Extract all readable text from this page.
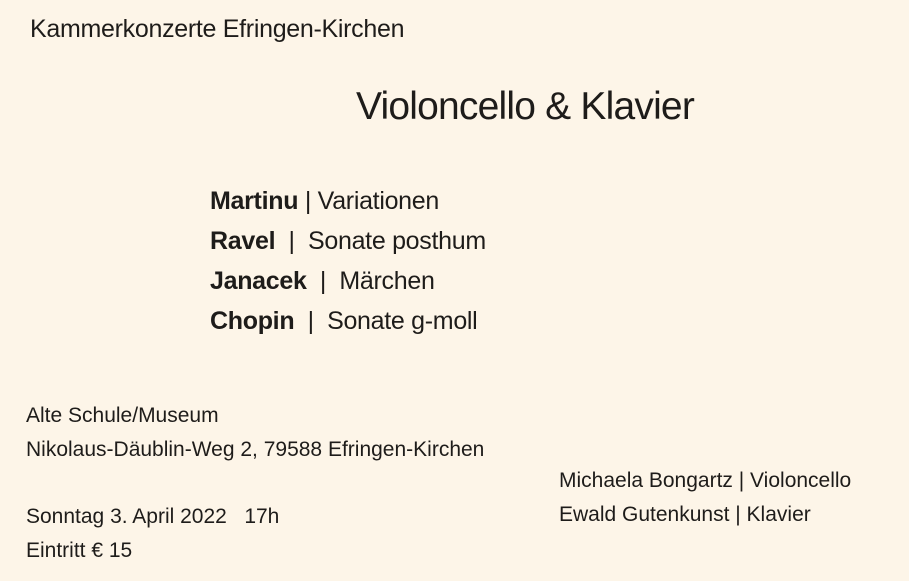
Kammerkonzerte Efringen-Kirchen
Violoncello & Klavier
Martinu | Variationen
Ravel  |  Sonate posthum
Janacek  |  Märchen
Chopin  |  Sonate g-moll
Alte Schule/Museum
Nikolaus-Däublin-Weg 2, 79588 Efringen-Kirchen
Sonntag 3. April 2022   17h
Eintritt € 15
Michaela Bongartz | Violoncello
Ewald Gutenkunst | Klavier
